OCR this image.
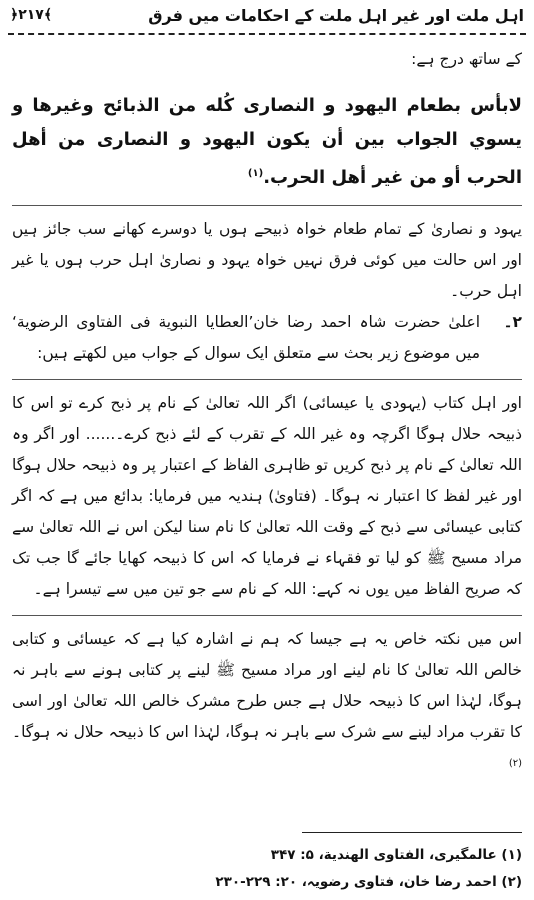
اہل ملت اور غیر اہل ملت کے احکامات میں فرق
﴾۲۱۷﴿

کے ساتھ درج ہے:

لابأس بطعام اليهود و النصارى كُله من الذبائح وغيرها و يسوي الجواب بين أن يكون اليهود و النصارى من أهل الحرب أو من غير أهل الحرب.$^{(۱)}$

یہود و نصاریٰ کے تمام طعام خواہ ذبیحے ہوں یا دوسرے کھانے سب جائز ہیں اور اس حالت میں کوئی فرق نہیں خواہ یہود و نصاریٰ اہل حرب ہوں یا غیر اہل حرب۔

۲۔
اعلیٰ حضرت شاہ احمد رضا خان’العطايا النبوية فى الفتاوى الرضوية‘ میں موضوع زیر بحث سے متعلق ایک سوال کے جواب میں لکھتے ہیں:

اور اہل کتاب (یہودی یا عیسائی) اگر اللہ تعالیٰ کے نام پر ذبح کرے تو اس کا ذبیحہ حلال ہوگا اگرچہ وہ غیر اللہ کے تقرب کے لئے ذبح کرے۔...... اور اگر وہ اللہ تعالیٰ کے نام پر ذبح کریں تو ظاہری الفاظ کے اعتبار پر وہ ذبیحہ حلال ہوگا اور غیر لفظ کا اعتبار نہ ہوگا۔ (فتاویٰ) ہندیہ میں فرمایا: بدائع میں ہے کہ اگر کتابی عیسائی سے ذبح کے وقت اللہ تعالیٰ کا نام سنا لیکن اس نے اللہ تعالیٰ سے مراد مسیح ﷺ کو لیا تو فقہاء نے فرمایا کہ اس کا ذبیحہ کھایا جائے گا جب تک کہ صریح الفاظ میں یوں نہ کہے: اللہ کے نام سے جو تین میں سے تیسرا ہے۔

اس میں نکتہ خاص یہ ہے جیسا کہ ہم نے اشارہ کیا ہے کہ عیسائی و کتابی خالص اللہ تعالیٰ کا نام لینے اور مراد مسیح ﷺ لینے پر کتابی ہونے سے باہر نہ ہوگا، لہٰذا اس کا ذبیحہ حلال ہے جس طرح مشرک خالص اللہ تعالیٰ اور اسی کا تقرب مراد لینے سے شرک سے باہر نہ ہوگا، لہٰذا اس کا ذبیحہ حلال نہ ہوگا۔$^{(۲)}$

(۱) عالمگیری، الفتاوی الهندية، ۵: ۳۴۷
(۲) احمد رضا خان، فتاوی رضویہ، ۲۰: ۲۲۹-۲۳۰
